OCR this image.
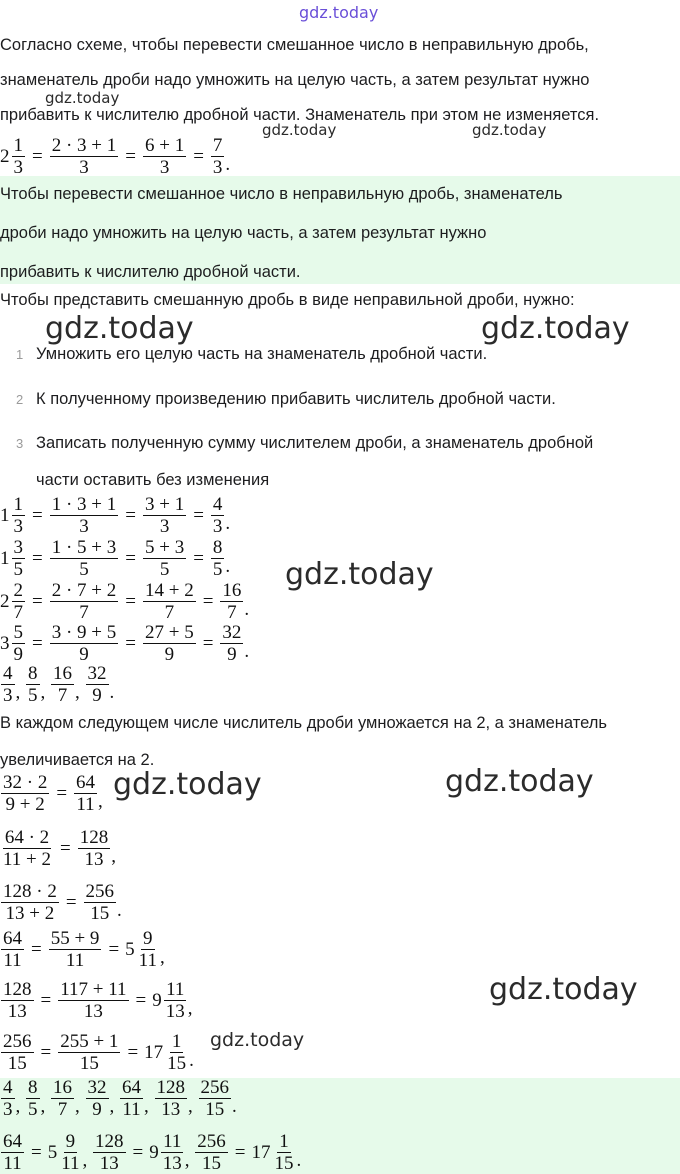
gdz.today
Согласно схеме, чтобы перевести смешанное число в неправильную дробь,
знаменатель дроби надо умножить на целую часть, а затем результат нужно
прибавить к числителю дробной части. Знаменатель при этом не изменяется.
$2 \frac{1}{3} = \frac{2 \cdot 3 + 1}{3} = \frac{6 + 1}{3} = \frac{7}{3}$ .
Чтобы перевести смешанное число в неправильную дробь, знаменатель
дроби надо умножить на целую часть, а затем результат нужно
прибавить к числителю дробной части.
Чтобы представить смешанную дробь в виде неправильной дроби, нужно:
1 Умножить его целую часть на знаменатель дробной части.
2 К полученному произведению прибавить числитель дробной части.
3 Записать полученную сумму числителем дроби, а знаменатель дробной
части оставить без изменения
$1 \frac{1}{3} = \frac{1 \cdot 3 + 1}{3} = \frac{3 + 1}{3} = \frac{4}{3}$ .
$1 \frac{3}{5} = \frac{1 \cdot 5 + 3}{5} = \frac{5 + 3}{5} = \frac{8}{5}$ .
$2 \frac{2}{7} = \frac{2 \cdot 7 + 2}{7} = \frac{14 + 2}{7} = \frac{16}{7}$ .
$3 \frac{5}{9} = \frac{3 \cdot 9 + 5}{9} = \frac{27 + 5}{9} = \frac{32}{9}$ .
$\frac{4}{3}$ , $\frac{8}{5}$ , $\frac{16}{7}$ , $\frac{32}{9}$ .
В каждом следующем числе числитель дроби умножается на 2, а знаменатель
увеличивается на 2.
$\frac{32 \cdot 2}{9 + 2} = \frac{64}{11}$ ,
$\frac{64 \cdot 2}{11 + 2} = \frac{128}{13}$ ,
$\frac{128 \cdot 2}{13 + 2} = \frac{256}{15}$ .
$\frac{64}{11} = \frac{55 + 9}{11} = 5 \frac{9}{11}$ ,
$\frac{128}{13} = \frac{117 + 11}{13} = 9 \frac{11}{13}$ ,
$\frac{256}{15} = \frac{255 + 1}{15} = 17 \frac{1}{15}$ .
$\frac{4}{3}$ , $\frac{8}{5}$ , $\frac{16}{7}$ , $\frac{32}{9}$ , $\frac{64}{11}$ , $\frac{128}{13}$ , $\frac{256}{15}$ .
$\frac{64}{11} = 5 \frac{9}{11}$ , $\frac{128}{13} = 9 \frac{11}{13}$ , $\frac{256}{15} = 17 \frac{1}{15}$ .
gdz.today
gdz.today	gdz.today
gdz.today	gdz.today
gdz.today
gdz.today	gdz.today
gdz.today
gdz.today
